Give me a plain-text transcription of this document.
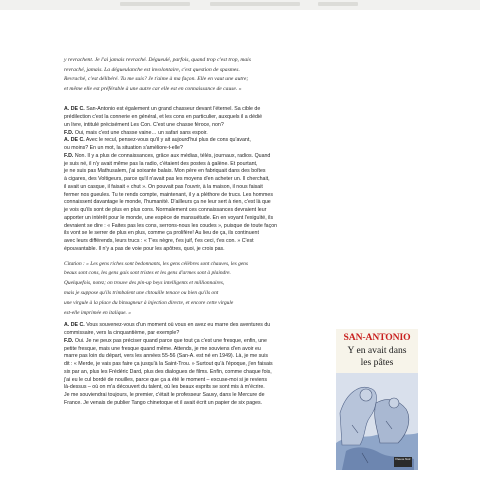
y revrachent. Je l'ai jamais revraché. Dégueulé, parfois, quand trop c'est trop, mais
revraché, jamais. La dégueulanche est involontaire, c'est question de spasmes.
Revraché, c'est délibéré. Tu me suis? Je t'aime à ma façon. Elle en vaut une autre;
et même elle est préférable à une autre car elle est en connaissance de cause. »

A. DE C. San-Antonio est également un grand chasseur devant l'éternel. Sa cible de

prédilection c'est la connerie en général, et les cons en particulier, auxquels il a dédié

un livre, intitulé précisément Les Con. C'est une chasse féroce, non?

F.D. Oui, mais c'est une chasse vaine… un safari sans espoir.

A. DE C. Avec le recul, pensez-vous qu'il y ait aujourd'hui plus de cons qu'avant,

ou moins? En un mot, la situation s'améliore-t-elle?

F.D. Non. Il y a plus de connaissances, grâce aux médias, télés, journaux, radios. Quand

je suis né, il n'y avait même pas la radio, c'étaient des postes à galène. Et pourtant,

je ne suis pas Mathusalem, j'ai soixante balais. Mon père en fabriquait dans des boîtes

à cigares, des Voltigeurs, parce qu'il n'avait pas les moyens d'en acheter un. Il cherchait,

il avait un casque, il faisait « chut ». On pouvait pas l'ouvrir, à la maison, il nous faisait

fermer nos gueules. Tu te rends compte, maintenant, il y a pléthore de trucs. Les hommes

connaissent davantage le monde, l'humanité. D'ailleurs ça ne leur sert à rien, c'est là que

je vois qu'ils sont de plus en plus cons. Normalement ces connaissances devraient leur

apporter un intérêt pour le monde, une espèce de mansuétude. En en voyant l'exiguïté, ils

devraient se dire : « Faites pas les cons, serrons-nous les coudes », puisque de toute façon

ils vont se le serrer de plus en plus, comme ça prolifère! Au lieu de ça, ils continuent

avec leurs différends, leurs trucs : « T'es nègre, t'es juif, t'es ceci, t'es con. » C'est

épouvantable. Il n'y a pas de voie pour les apôtres, quoi, je crois pas.

Citation : « Les gens riches sont bedonnants, les gens célèbres sont chauves, les gens

beaux sont cons, les gens gais sont tristes et les gens d'armes sont à plaindre.

Quelquefois, notez; on trouve des pin-up beys intelligents et millionnaires,

mais je suppose qu'ils trimbalent une chtouille tenace ou bien qu'ils ont

une virgule à la place du bitougneur à injection directe, et encore cette virgule

est-elle imprimée en italique. »

A. DE C. Vous souvenez-vous d'un moment où vous en avez eu marre des aventures du

commissaire, vers la cinquantième, par exemple?

F.D. Oui. Je ne peux pas préciser quand parce que tout ça c'est une fresque, enfin, une

petite fresque, mais une fresque quand même. Attends, je me souviens d'en avoir eu

marre pas loin du départ, vers les années 55-56 (San-A. est né en 1949). Là, je me suis

dit : « Merde, je vais pas faire ça jusqu'à la Saint-Trou. » Surtout qu'à l'époque, j'en faisais

six par an, plus les Frédéric Dard, plus des dialogues de films. Enfin, comme chaque fois,

j'ai eu le cul bordé de nouilles, parce que ça a été le moment – excuse-moi si je reviens

là-dessus – où on m'a découvert du talent, où les beaux esprits se sont mis à m'écrire.

Je me souviendrai toujours, le premier, c'était le professeur Sauvy, dans le Mercure de

France. Je venais de publier Tango chinetoque et il avait écrit un papier de six pages.

SAN-ANTONIO
Y en avait dans
les pâtes
Fleuve Noir
